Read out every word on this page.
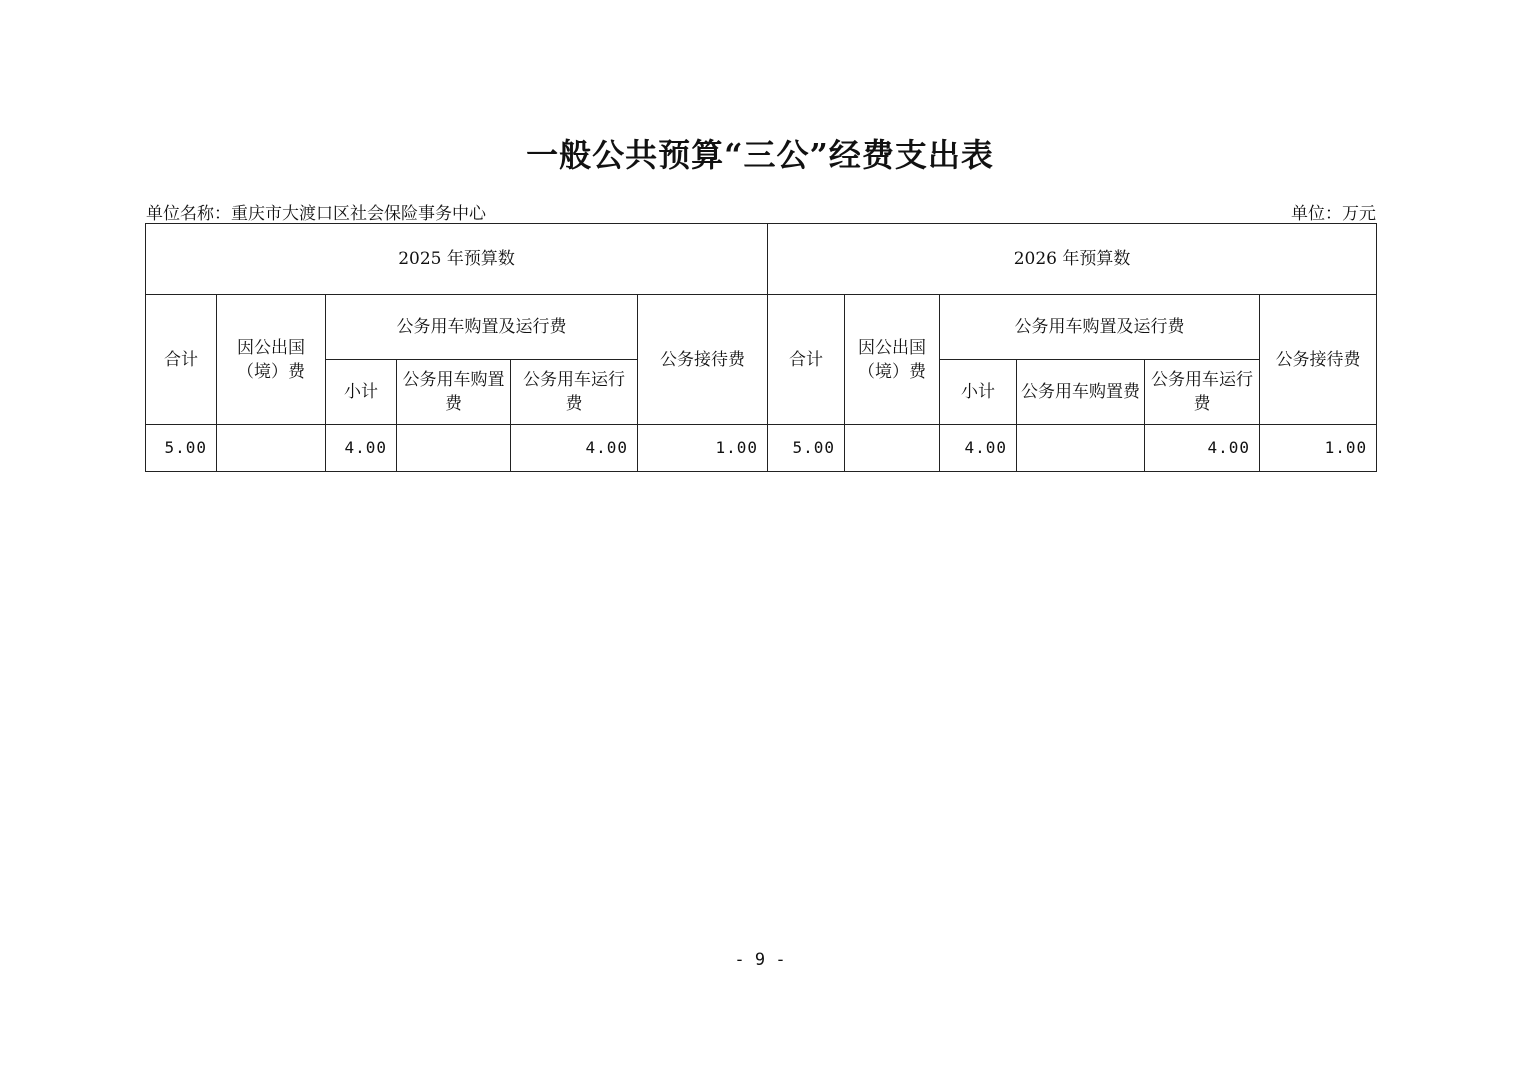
一般公共预算“三公”经费支出表
单位名称：重庆市大渡口区社会保险事务中心	单位：万元
2025 年预算数						2026 年预算数					
合计	因公出国（境）费	公务用车购置及运行费			公务接待费	合计	因公出国（境）费	公务用车购置及运行费			公务接待费
		小计	公务用车购置费	公务用车运行费				小计	公务用车购置费	公务用车运行费	
5.00		4.00		4.00	1.00	5.00		4.00		4.00	1.00
- 9 -
